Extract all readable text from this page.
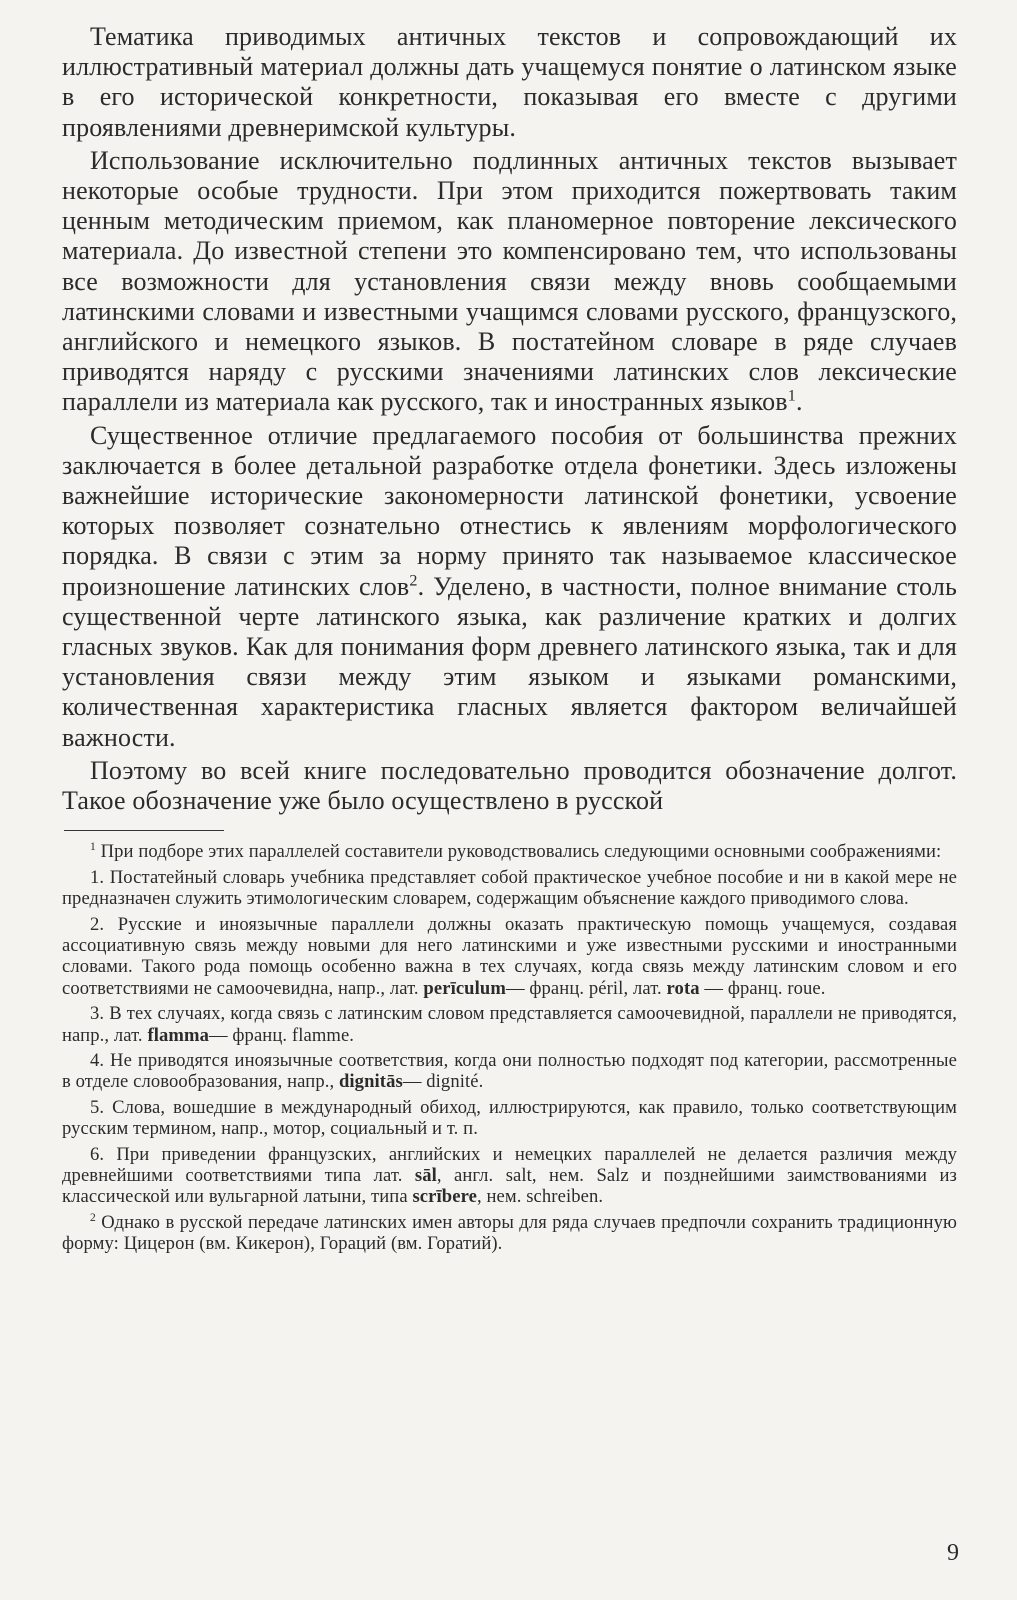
Тематика приводимых античных текстов и сопровождающий их иллюстративный материал должны дать учащемуся понятие о латинском языке в его исторической конкретности, показывая его вместе с другими проявлениями древнеримской культуры.

Использование исключительно подлинных античных текстов вызывает некоторые особые трудности. При этом приходится пожертвовать таким ценным методическим приемом, как планомерное повторение лексического материала. До известной степени это компенсировано тем, что использованы все возможности для установления связи между вновь сообщаемыми латинскими словами и известными учащимся словами русского, французского, английского и немецкого языков. В постатейном словаре в ряде случаев приводятся наряду с русскими значениями латинских слов лексические параллели из материала как русского, так и иностранных языков$^1$.

Существенное отличие предлагаемого пособия от большинства прежних заключается в более детальной разработке отдела фонетики. Здесь изложены важнейшие исторические закономерности латинской фонетики, усвоение которых позволяет сознательно отнестись к явлениям морфологического порядка. В связи с этим за норму принято так называемое классическое произношение латинских слов$^2$. Уделено, в частности, полное внимание столь существенной черте латинского языка, как различение кратких и долгих гласных звуков. Как для понимания форм древнего латинского языка, так и для установления связи между этим языком и языками романскими, количественная характеристика гласных является фактором величайшей важности.

Поэтому во всей книге последовательно проводится обозначение долгот. Такое обозначение уже было осуществлено в русской

$^1$ При подборе этих параллелей составители руководствовались следующими основными соображениями:

1. Постатейный словарь учебника представляет собой практическое учебное пособие и ни в какой мере не предназначен служить этимологическим словарем, содержащим объяснение каждого приводимого слова.

2. Русские и иноязычные параллели должны оказать практическую помощь учащемуся, создавая ассоциативную связь между новыми для него латинскими и уже известными русскими и иностранными словами. Такого рода помощь особенно важна в тех случаях, когда связь между латинским словом и его соответствиями не самоочевидна, напр., лат. perīculum— франц. péril, лат. rota — франц. roue.

3. В тех случаях, когда связь с латинским словом представляется самоочевидной, параллели не приводятся, напр., лат. flamma— франц. flamme.

4. Не приводятся иноязычные соответствия, когда они полностью подходят под категории, рассмотренные в отделе словообразования, напр., dignitās— dignité.

5. Слова, вошедшие в международный обиход, иллюстрируются, как правило, только соответствующим русским термином, напр., мотор, социальный и т. п.

6. При приведении французских, английских и немецких параллелей не делается различия между древнейшими соответствиями типа лат. sāl, англ. salt, нем. Salz и позднейшими заимствованиями из классической или вульгарной латыни, типа scrībere, нем. schreiben.

$^2$ Однако в русской передаче латинских имен авторы для ряда случаев предпочли сохранить традиционную форму: Цицерон (вм. Кикерон), Гораций (вм. Горатий).

9
